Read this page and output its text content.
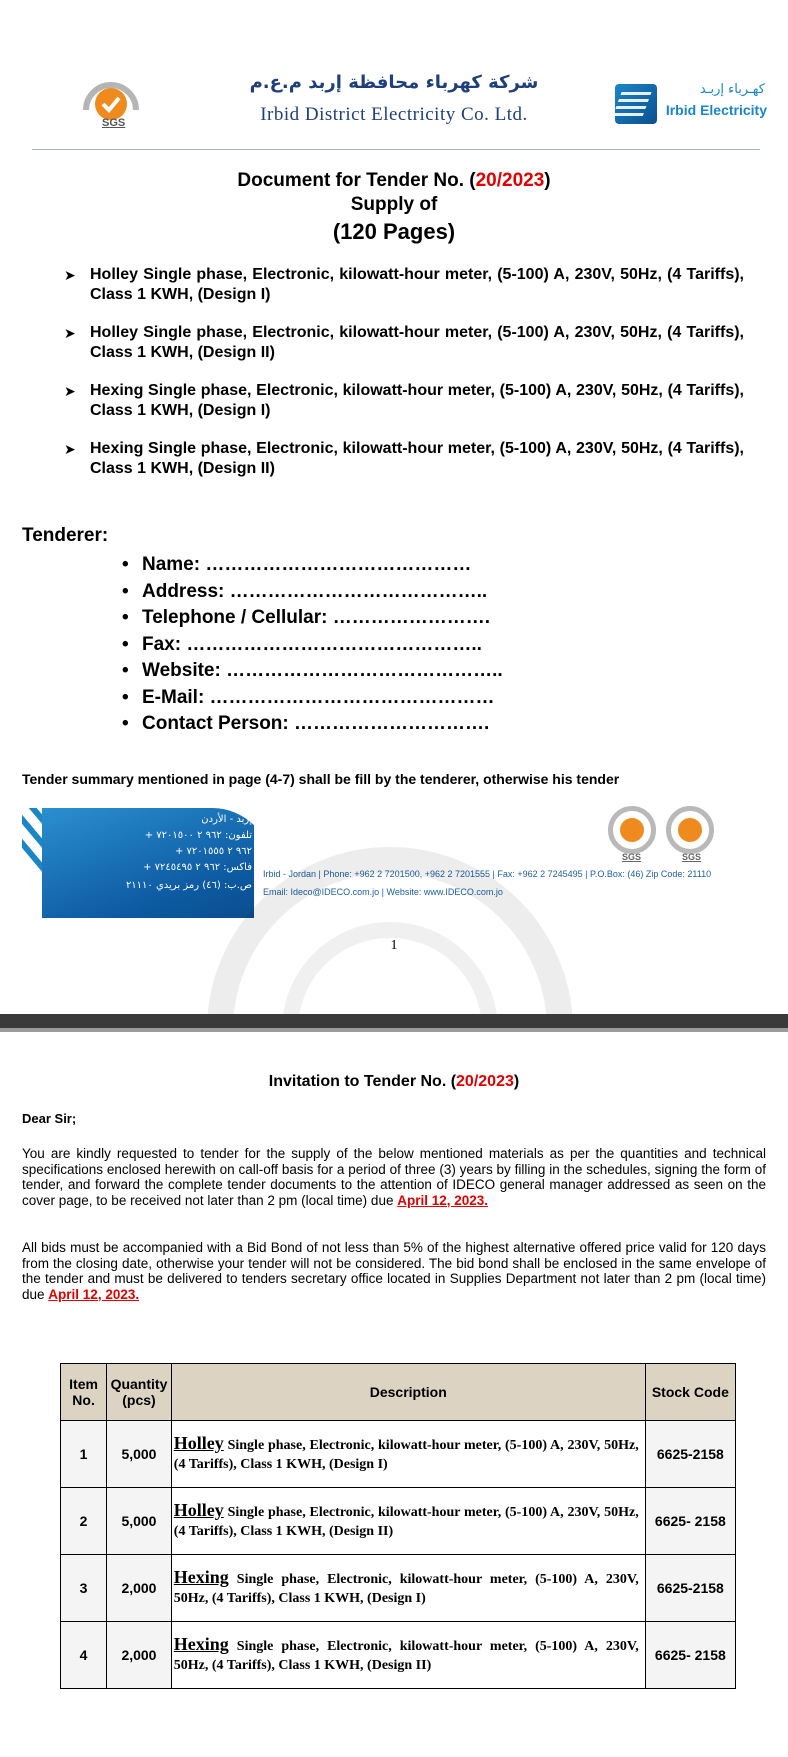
SGS
شركة كهرباء محافظة إربد م.ع.م
Irbid District Electricity Co. Ltd.
كهـرباء إربـد
Irbid Electricity
Document for Tender No. (20/2023)
Supply of
(120 Pages)
➤ Holley Single phase, Electronic, kilowatt-hour meter, (5-100) A, 230V, 50Hz, (4 Tariffs), Class 1 KWH, (Design I)
➤ Holley Single phase, Electronic, kilowatt-hour meter, (5-100) A, 230V, 50Hz, (4 Tariffs), Class 1 KWH, (Design II)
➤ Hexing Single phase, Electronic, kilowatt-hour meter, (5-100) A, 230V, 50Hz, (4 Tariffs), Class 1 KWH, (Design I)
➤ Hexing Single phase, Electronic, kilowatt-hour meter, (5-100) A, 230V, 50Hz, (4 Tariffs), Class 1 KWH, (Design II)
Tenderer:
• Name: ……………………………………
• Address: …………………………………..
• Telephone / Cellular: …………………….
• Fax: ………………………………………..
• Website: ……………………………………..
• E-Mail: ………………………………………
• Contact Person: ………………………….
Tender summary mentioned in page (4-7) shall be fill by the tenderer, otherwise his tender
إربد - الأردن
تلفون: ٩٦٢ ٢ ٧٢٠١٥٠٠ +
٩٦٢ ٢ ٧٢٠١٥٥٥ +
فاكس: ٩٦٢ ٢ ٧٢٤٥٤٩٥ +
ص.ب: (٤٦) رمز بريدي ٢١١١٠
Irbid - Jordan | Phone: +962 2 7201500, +962 2 7201555 | Fax: +962 2 7245495 | P.O.Box: (46) Zip Code: 21110
Email: Ideco@IDECO.com.jo | Website: www.IDECO.com.jo
SGS	SGS
1
Invitation to Tender No. (20/2023)
Dear Sir;

You are kindly requested to tender for the supply of the below mentioned materials as per the quantities and technical specifications enclosed herewith on call-off basis for a period of three (3) years by filling in the schedules, signing the form of tender, and forward the complete tender documents to the attention of IDECO general manager addressed as seen on the cover page, to be received not later than 2 pm (local time) due April 12, 2023.

All bids must be accompanied with a Bid Bond of not less than 5% of the highest alternative offered price valid for 120 days from the closing date, otherwise your tender will not be considered. The bid bond shall be enclosed in the same envelope of the tender and must be delivered to tenders secretary office located in Supplies Department not later than 2 pm (local time) due April 12, 2023.

Item No.	Quantity (pcs)	Description	Stock Code
1	5,000	Holley Single phase, Electronic, kilowatt-hour meter, (5-100) A, 230V, 50Hz, (4 Tariffs), Class 1 KWH, (Design I)	6625-2158
2	5,000	Holley Single phase, Electronic, kilowatt-hour meter, (5-100) A, 230V, 50Hz, (4 Tariffs), Class 1 KWH, (Design II)	6625- 2158
3	2,000	Hexing Single phase, Electronic, kilowatt-hour meter, (5-100) A, 230V, 50Hz, (4 Tariffs), Class 1 KWH, (Design I)	6625-2158
4	2,000	Hexing Single phase, Electronic, kilowatt-hour meter, (5-100) A, 230V, 50Hz, (4 Tariffs), Class 1 KWH, (Design II)	6625- 2158
